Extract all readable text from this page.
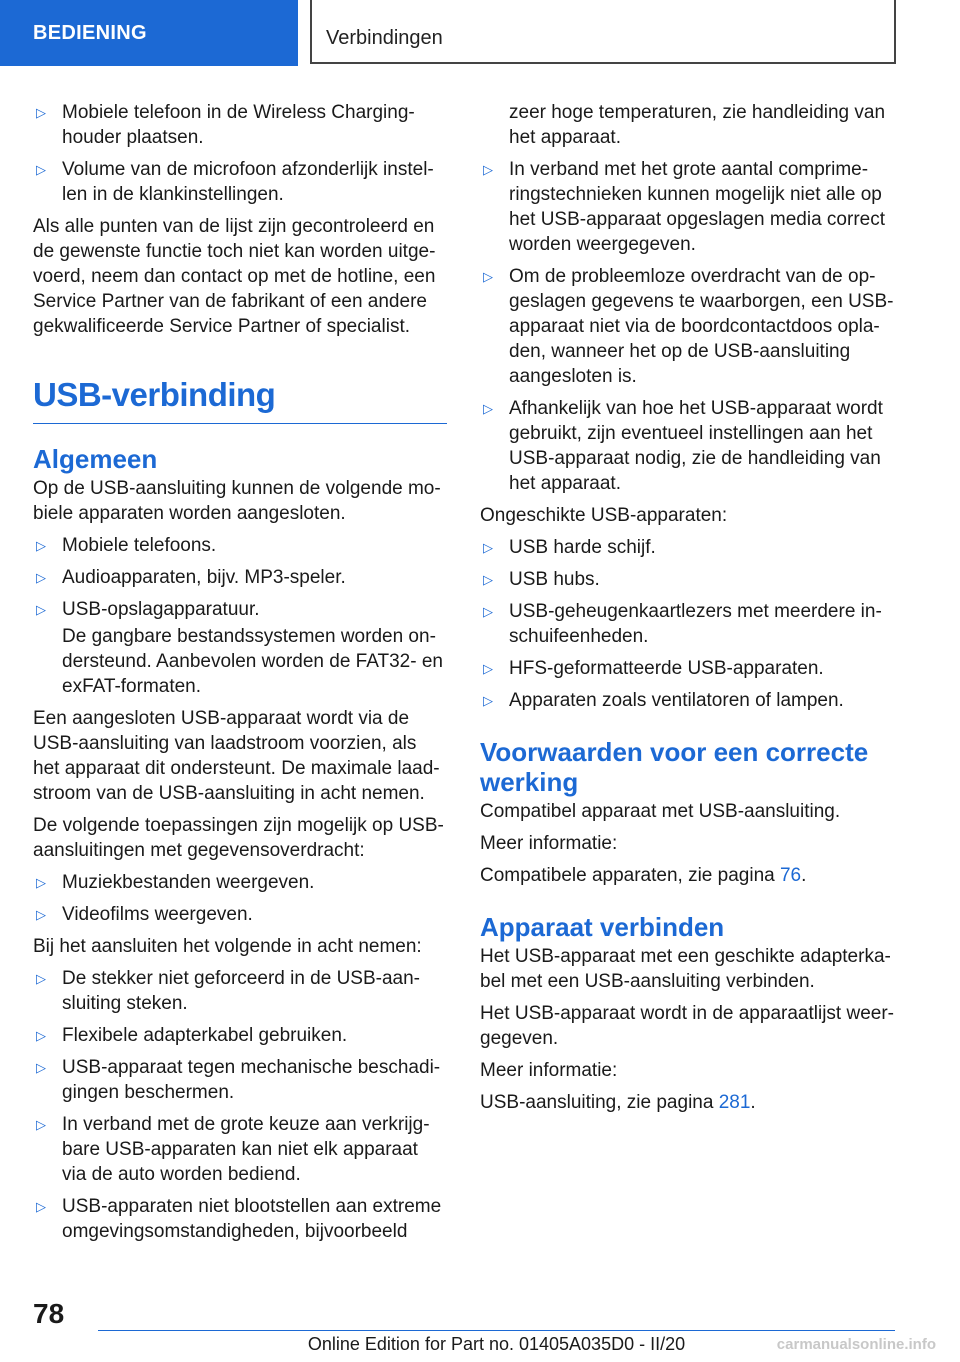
BEDIENING	Verbindingen
▷ Mobiele telefoon in de Wireless Charging-houder plaatsen.
▷ Volume van de microfoon afzonderlijk instel-len in de klankinstellingen.

Als alle punten van de lijst zijn gecontroleerd en de gewenste functie toch niet kan worden uitge-voerd, neem dan contact op met de hotline, een Service Partner van de fabrikant of een andere gekwalificeerde Service Partner of specialist.

USB-verbinding
Algemeen

Op de USB-aansluiting kunnen de volgende mo-biele apparaten worden aangesloten.

▷ Mobiele telefoons.
▷ Audioapparaten, bijv. MP3-speler.
▷ USB-opslagapparatuur.
De gangbare bestandssystemen worden on-dersteund. Aanbevolen worden de FAT32- en exFAT-formaten.

Een aangesloten USB-apparaat wordt via de USB-aansluiting van laadstroom voorzien, als het apparaat dit ondersteunt. De maximale laad-stroom van de USB-aansluiting in acht nemen.

De volgende toepassingen zijn mogelijk op USB-aansluitingen met gegevensoverdracht:

▷ Muziekbestanden weergeven.
▷ Videofilms weergeven.

Bij het aansluiten het volgende in acht nemen:

▷ De stekker niet geforceerd in de USB-aan-sluiting steken.
▷ Flexibele adapterkabel gebruiken.
▷ USB-apparaat tegen mechanische beschadi-gingen beschermen.
▷ In verband met de grote keuze aan verkrijg-bare USB-apparaten kan niet elk apparaat via de auto worden bediend.
▷ USB-apparaten niet blootstellen aan extreme omgevingsomstandigheden, bijvoorbeeld
zeer hoge temperaturen, zie handleiding van het apparaat.
▷ In verband met het grote aantal comprime-ringstechnieken kunnen mogelijk niet alle op het USB-apparaat opgeslagen media correct worden weergegeven.
▷ Om de probleemloze overdracht van de op-geslagen gegevens te waarborgen, een USB-apparaat niet via de boordcontactdoos opla-den, wanneer het op de USB-aansluiting aangesloten is.
▷ Afhankelijk van hoe het USB-apparaat wordt gebruikt, zijn eventueel instellingen aan het USB-apparaat nodig, zie de handleiding van het apparaat.

Ongeschikte USB-apparaten:

▷ USB harde schijf.
▷ USB hubs.
▷ USB-geheugenkaartlezers met meerdere in-schuifeenheden.
▷ HFS-geformatteerde USB-apparaten.
▷ Apparaten zoals ventilatoren of lampen.
Voorwaarden voor een correcte werking

Compatibel apparaat met USB-aansluiting.

Meer informatie:

Compatibele apparaten, zie pagina 76.

Apparaat verbinden

Het USB-apparaat met een geschikte adapterka-bel met een USB-aansluiting verbinden.

Het USB-apparaat wordt in de apparaatlijst weer-gegeven.

Meer informatie:

USB-aansluiting, zie pagina 281.

78
Online Edition for Part no. 01405A035D0 - II/20	carmanualsonline.info
